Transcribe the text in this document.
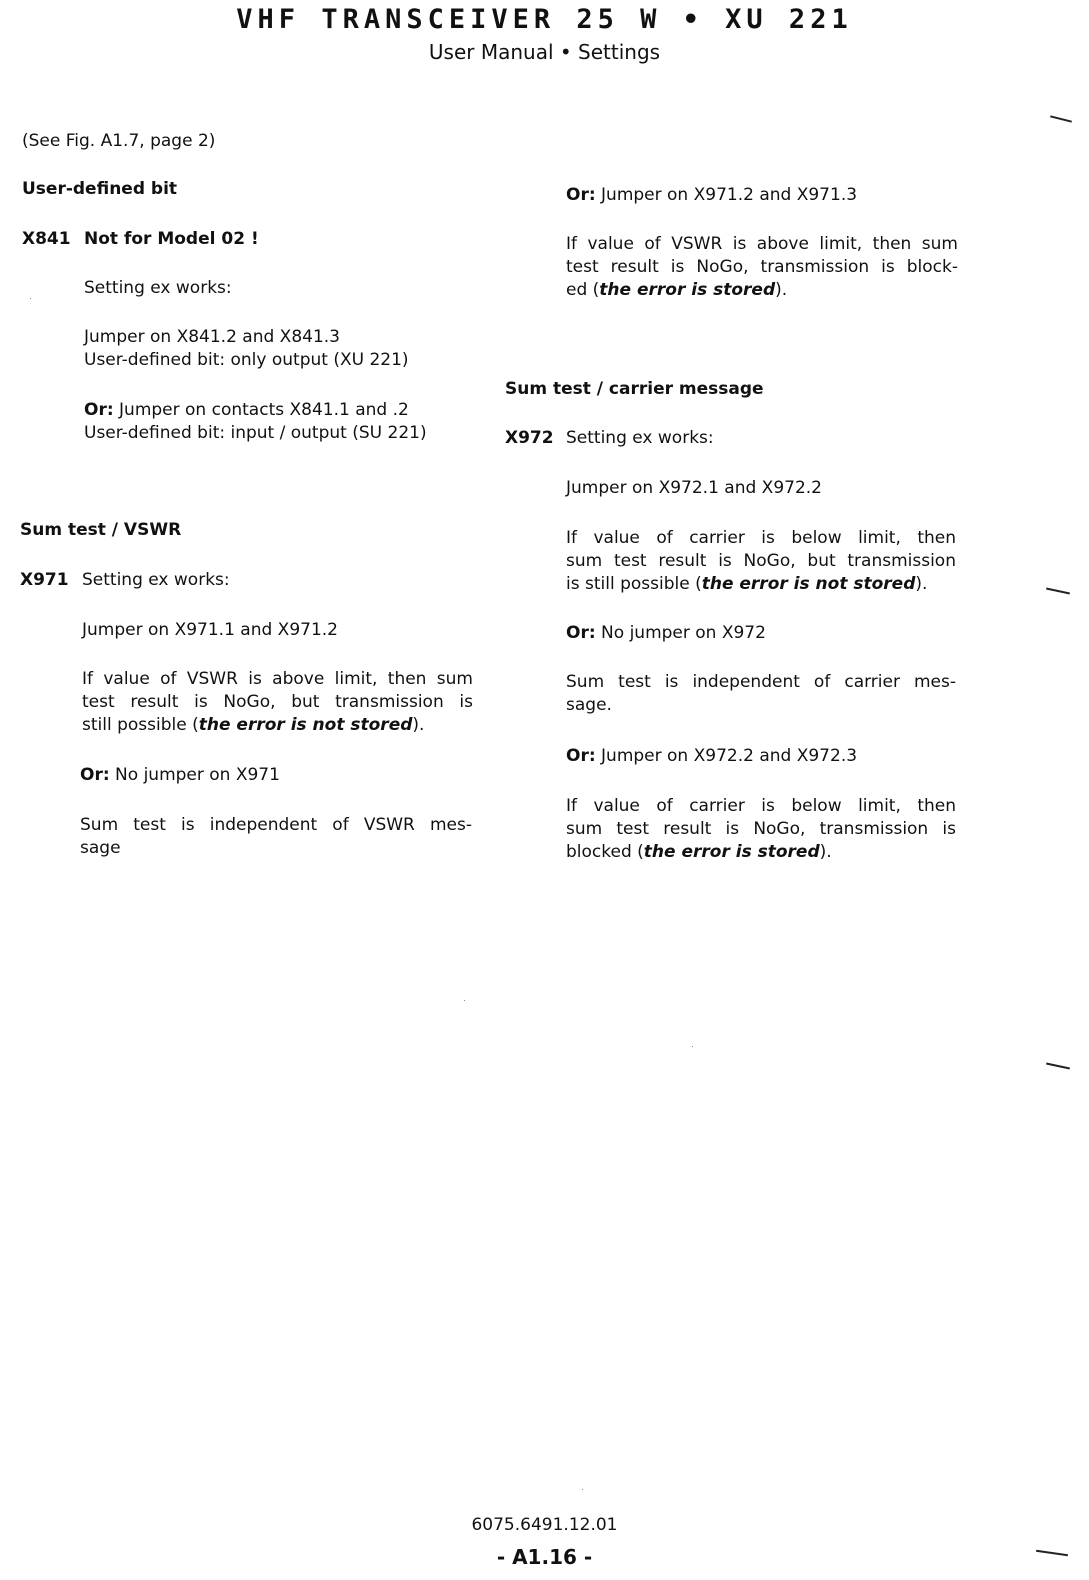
VHF TRANSCEIVER 25 W • XU 221
User Manual • Settings
(See Fig. A1.7, page 2)
User-defined bit
X841 Not for Model 02 !
Setting ex works:
Jumper on X841.2 and X841.3
User-defined bit: only output (XU 221)
Or: Jumper on contacts X841.1 and .2
User-defined bit: input / output (SU 221)
Sum test / VSWR
X971 Setting ex works:
Jumper on X971.1 and X971.2
If value of VSWR is above limit, then sum
test result is NoGo, but transmission is
still possible (the error is not stored).
Or: No jumper on X971
Sum test is independent of VSWR mes-
sage
Or: Jumper on X971.2 and X971.3
If value of VSWR is above limit, then sum
test result is NoGo, transmission is block-
ed (the error is stored).
Sum test / carrier message
X972 Setting ex works:
Jumper on X972.1 and X972.2
If value of carrier is below limit, then
sum test result is NoGo, but transmission
is still possible (the error is not stored).
Or: No jumper on X972
Sum test is independent of carrier mes-
sage.
Or: Jumper on X972.2 and X972.3
If value of carrier is below limit, then
sum test result is NoGo, transmission is
blocked (the error is stored).
6075.6491.12.01
- A1.16 -
